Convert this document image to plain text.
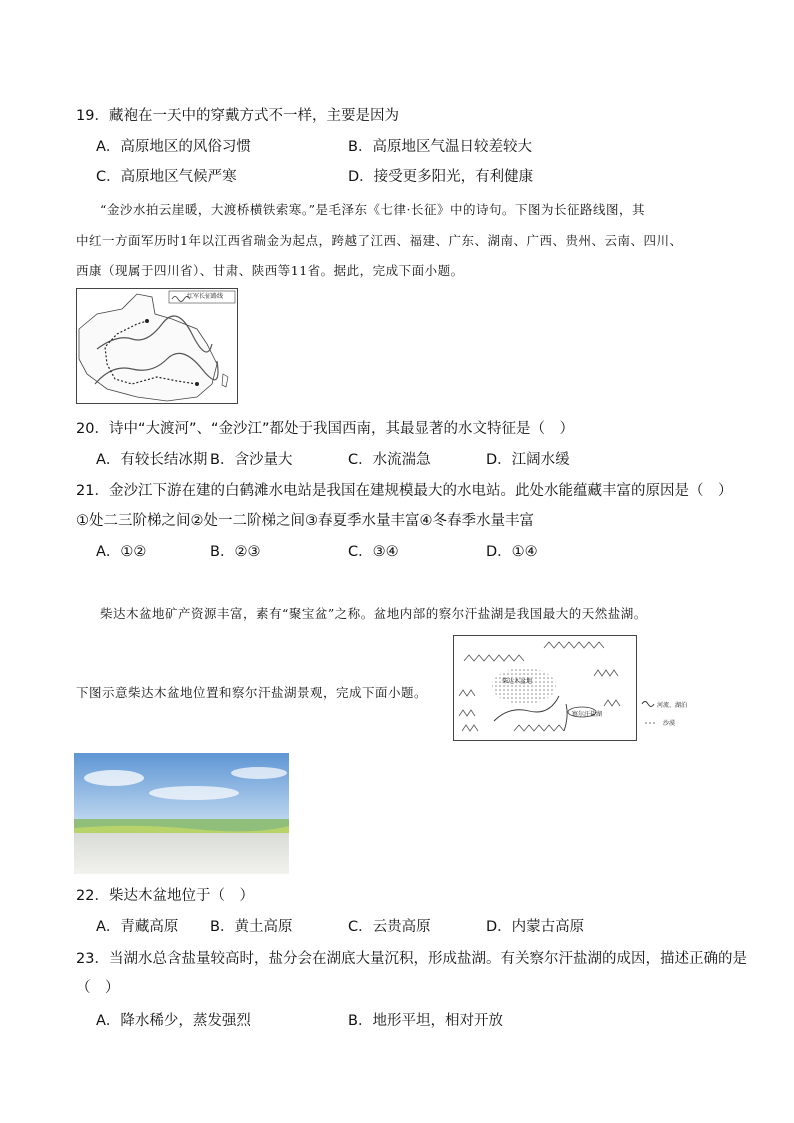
19．藏袍在一天中的穿戴方式不一样，主要是因为
A．高原地区的风俗习惯	B．高原地区气温日较差较大
C．高原地区气候严寒	D．接受更多阳光，有利健康
“金沙水拍云崖暖，大渡桥横铁索寒。”是毛泽东《七律·长征》中的诗句。下图为长征路线图，其
中红一方面军历时1年以江西省瑞金为起点，跨越了江西、福建、广东、湖南、广西、贵州、云南、四川、
西康（现属于四川省）、甘肃、陕西等11省。据此，完成下面小题。
红军长征路线
20．诗中“大渡河”、“金沙江”都处于我国西南，其最显著的水文特征是（　）
A．有较长结冰期 B．含沙量大	C．水流湍急	D．江阔水缓
21．金沙江下游在建的白鹤滩水电站是我国在建规模最大的水电站。此处水能蕴藏丰富的原因是（　）
①处二三阶梯之间②处一二阶梯之间③春夏季水量丰富④冬春季水量丰富
A．①②	B．②③	C．③④	D．①④
柴达木盆地矿产资源丰富，素有“聚宝盆”之称。盆地内部的察尔汗盐湖是我国最大的天然盐湖。
下图示意柴达木盆地位置和察尔汗盐湖景观，完成下面小题。
柴达木盆地
察尔汗盐湖
河流、湖泊
沙漠
22．柴达木盆地位于（　）
A．青藏高原 B．黄土高原	C．云贵高原	D．内蒙古高原
23．当湖水总含盐量较高时，盐分会在湖底大量沉积，形成盐湖。有关察尔汗盐湖的成因，描述正确的是
（　）
A．降水稀少，蒸发强烈	B．地形平坦，相对开放
